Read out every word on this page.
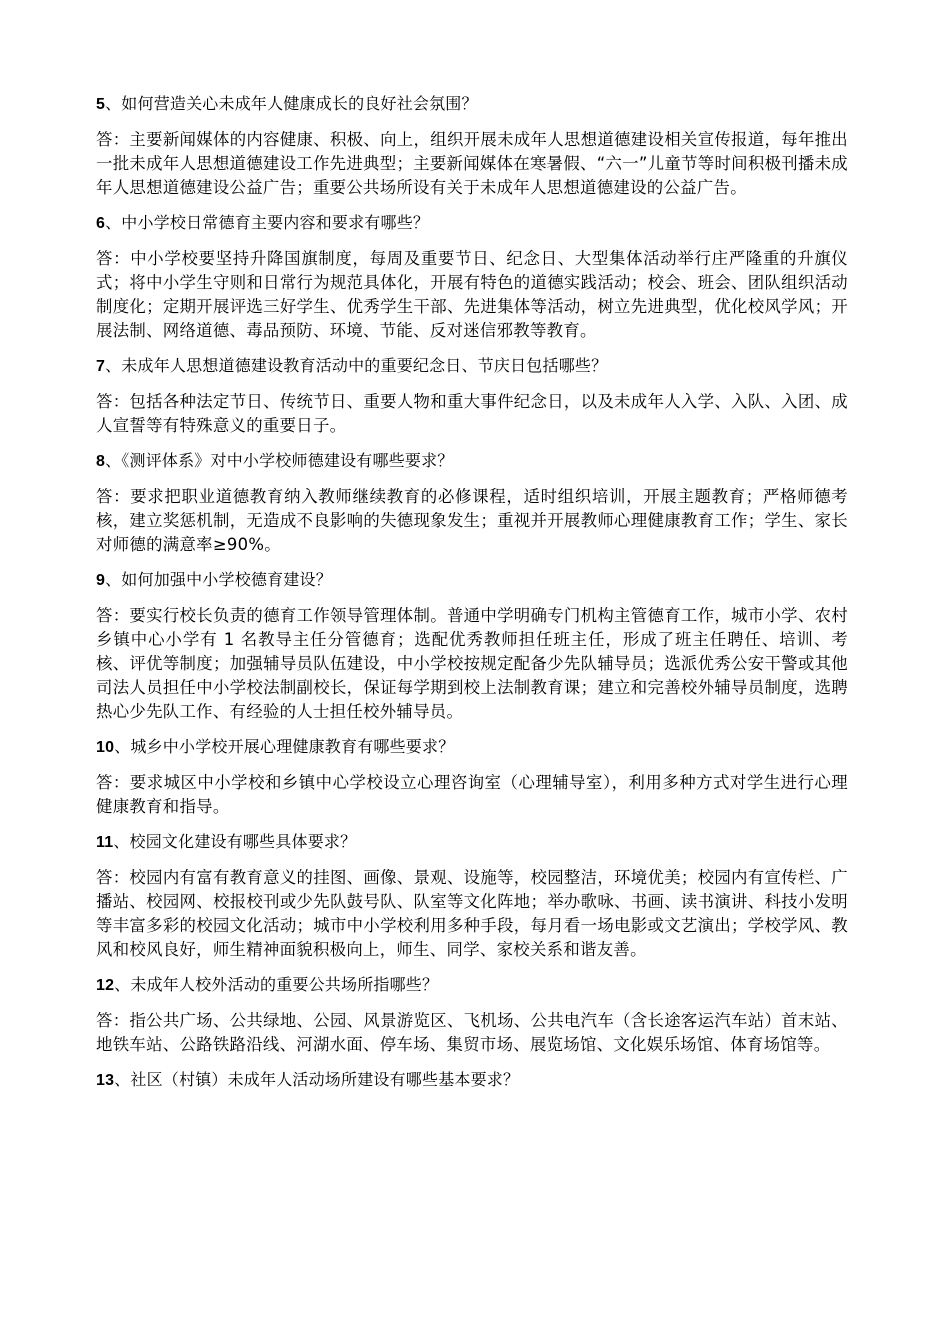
5、如何营造关心未成年人健康成长的良好社会氛围？

答：主要新闻媒体的内容健康、积极、向上，组织开展未成年人思想道德建设相关宣传报道，每年推出一批未成年人思想道德建设工作先进典型；主要新闻媒体在寒暑假、“六一”儿童节等时间积极刊播未成年人思想道德建设公益广告；重要公共场所设有关于未成年人思想道德建设的公益广告。

6、中小学校日常德育主要内容和要求有哪些？

答：中小学校要坚持升降国旗制度，每周及重要节日、纪念日、大型集体活动举行庄严隆重的升旗仪式；将中小学生守则和日常行为规范具体化，开展有特色的道德实践活动；校会、班会、团队组织活动制度化；定期开展评选三好学生、优秀学生干部、先进集体等活动，树立先进典型，优化校风学风；开展法制、网络道德、毒品预防、环境、节能、反对迷信邪教等教育。

7、未成年人思想道德建设教育活动中的重要纪念日、节庆日包括哪些？

答：包括各种法定节日、传统节日、重要人物和重大事件纪念日，以及未成年人入学、入队、入团、成人宣誓等有特殊意义的重要日子。

8、《测评体系》对中小学校师德建设有哪些要求？

答：要求把职业道德教育纳入教师继续教育的必修课程，适时组织培训，开展主题教育；严格师德考核，建立奖惩机制，无造成不良影响的失德现象发生；重视并开展教师心理健康教育工作；学生、家长对师德的满意率≥90%。

9、如何加强中小学校德育建设？

答：要实行校长负责的德育工作领导管理体制。普通中学明确专门机构主管德育工作，城市小学、农村乡镇中心小学有 1 名教导主任分管德育；选配优秀教师担任班主任，形成了班主任聘任、培训、考核、评优等制度；加强辅导员队伍建设，中小学校按规定配备少先队辅导员；选派优秀公安干警或其他司法人员担任中小学校法制副校长，保证每学期到校上法制教育课；建立和完善校外辅导员制度，选聘热心少先队工作、有经验的人士担任校外辅导员。

10、城乡中小学校开展心理健康教育有哪些要求？

答：要求城区中小学校和乡镇中心学校设立心理咨询室（心理辅导室），利用多种方式对学生进行心理健康教育和指导。

11、校园文化建设有哪些具体要求？

答：校园内有富有教育意义的挂图、画像、景观、设施等，校园整洁，环境优美；校园内有宣传栏、广播站、校园网、校报校刊或少先队鼓号队、队室等文化阵地；举办歌咏、书画、读书演讲、科技小发明等丰富多彩的校园文化活动；城市中小学校利用多种手段，每月看一场电影或文艺演出；学校学风、教风和校风良好，师生精神面貌积极向上，师生、同学、家校关系和谐友善。

12、未成年人校外活动的重要公共场所指哪些？

答：指公共广场、公共绿地、公园、风景游览区、飞机场、公共电汽车（含长途客运汽车站）首末站、地铁车站、公路铁路沿线、河湖水面、停车场、集贸市场、展览场馆、文化娱乐场馆、体育场馆等。

13、社区（村镇）未成年人活动场所建设有哪些基本要求？
